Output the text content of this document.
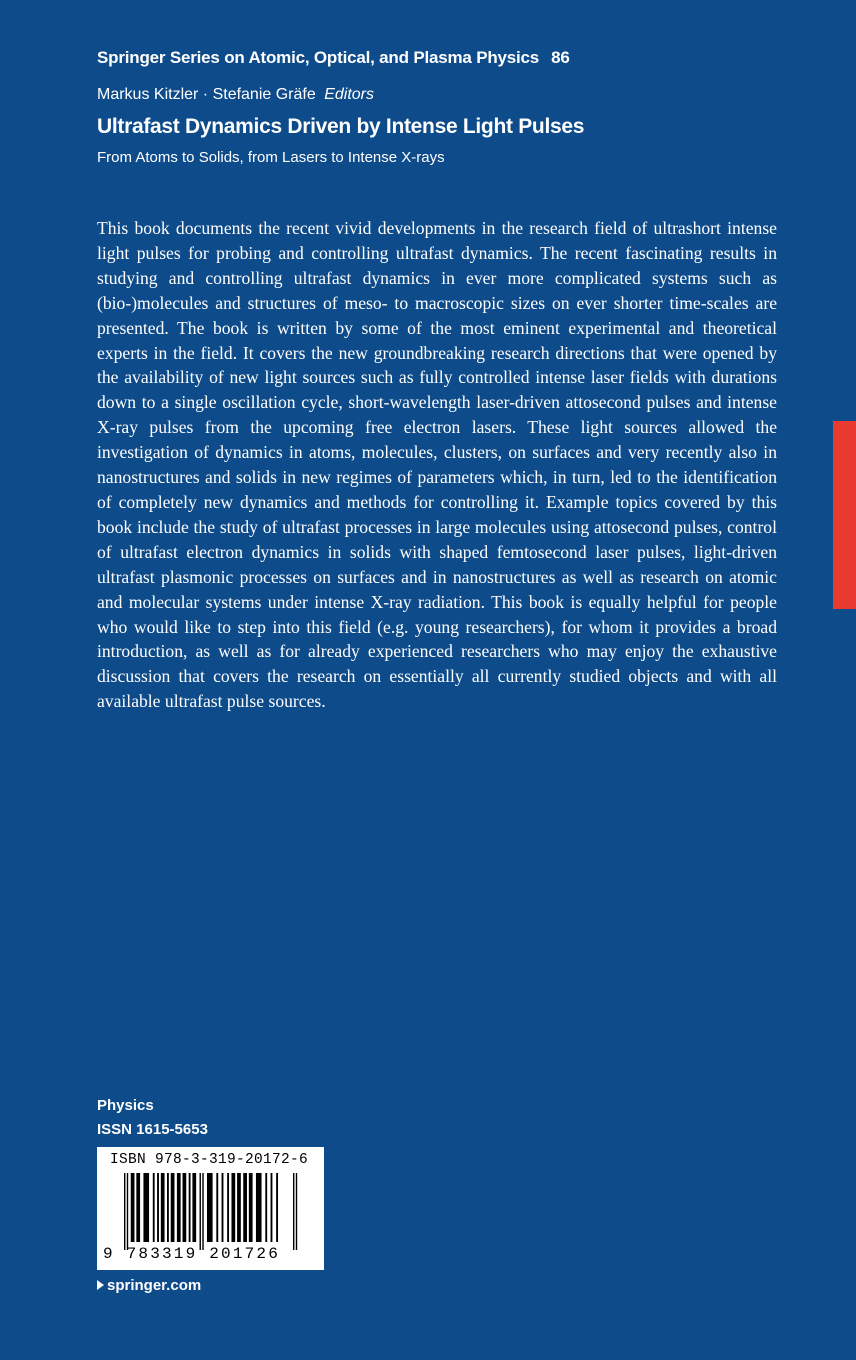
Springer Series on Atomic, Optical, and Plasma Physics 86
Markus Kitzler · Stefanie Gräfe Editors
Ultrafast Dynamics Driven by Intense Light Pulses
From Atoms to Solids, from Lasers to Intense X-rays

This book documents the recent vivid developments in the research field of ultrashort intense light pulses for probing and controlling ultrafast dynamics. The recent fascinating results in studying and controlling ultrafast dynamics in ever more complicated systems such as (bio-)molecules and structures of meso- to macroscopic sizes on ever shorter time-scales are presented. The book is written by some of the most eminent experimental and theoretical experts in the field. It covers the new groundbreaking research directions that were opened by the availability of new light sources such as fully controlled intense laser fields with durations down to a single oscillation cycle, short-wavelength laser-driven attosecond pulses and intense X-ray pulses from the upcoming free electron lasers. These light sources allowed the investigation of dynamics in atoms, molecules, clusters, on surfaces and very recently also in nanostructures and solids in new regimes of parameters which, in turn, led to the identification of completely new dynamics and methods for controlling it. Example topics covered by this book include the study of ultrafast processes in large molecules using attosecond pulses, control of ultrafast electron dynamics in solids with shaped femtosecond laser pulses, light-driven ultrafast plasmonic processes on surfaces and in nanostructures as well as research on atomic and molecular systems under intense X-ray radiation. This book is equally helpful for people who would like to step into this field (e.g. young researchers), for whom it provides a broad introduction, as well as for already experienced researchers who may enjoy the exhaustive discussion that covers the research on essentially all currently studied objects and with all available ultrafast pulse sources.

Physics
ISSN 1615-5653
ISBN 978-3-319-20172-6
9 783319 201726
springer.com
